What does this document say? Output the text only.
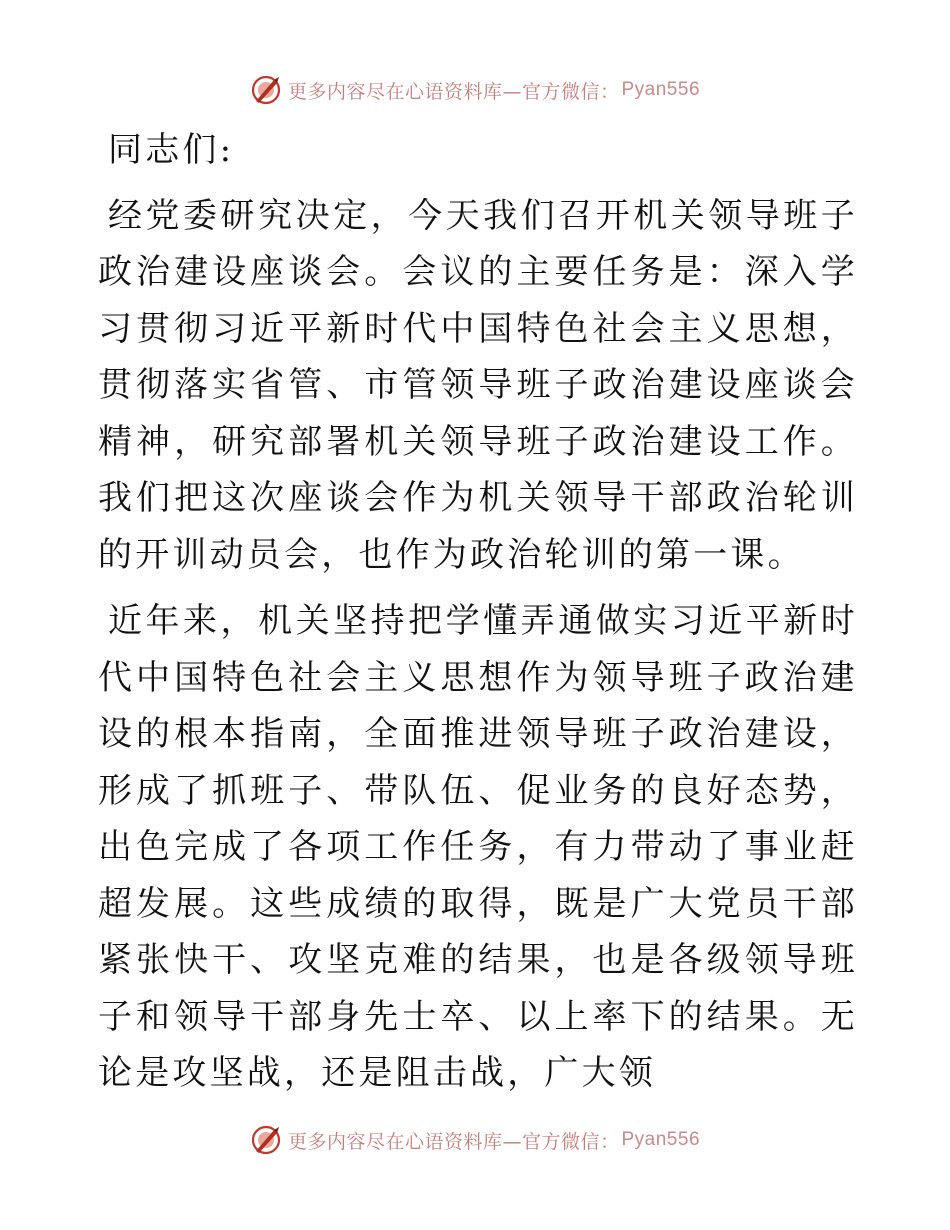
更多内容尽在心语资料库—官方微信： Pyan556

同志们:

经党委研究决定，今天我们召开机关领导班子政治建设座谈会。会议的主要任务是：深入学习贯彻习近平新时代中国特色社会主义思想，贯彻落实省管、市管领导班子政治建设座谈会精神，研究部署机关领导班子政治建设工作。我们把这次座谈会作为机关领导干部政治轮训的开训动员会，也作为政治轮训的第一课。

近年来，机关坚持把学懂弄通做实习近平新时代中国特色社会主义思想作为领导班子政治建设的根本指南，全面推进领导班子政治建设，形成了抓班子、带队伍、促业务的良好态势，出色完成了各项工作任务，有力带动了事业赶超发展。这些成绩的取得，既是广大党员干部紧张快干、攻坚克难的结果，也是各级领导班子和领导干部身先士卒、以上率下的结果。无论是攻坚战，还是阻击战，广大领

更多内容尽在心语资料库—官方微信： Pyan556
